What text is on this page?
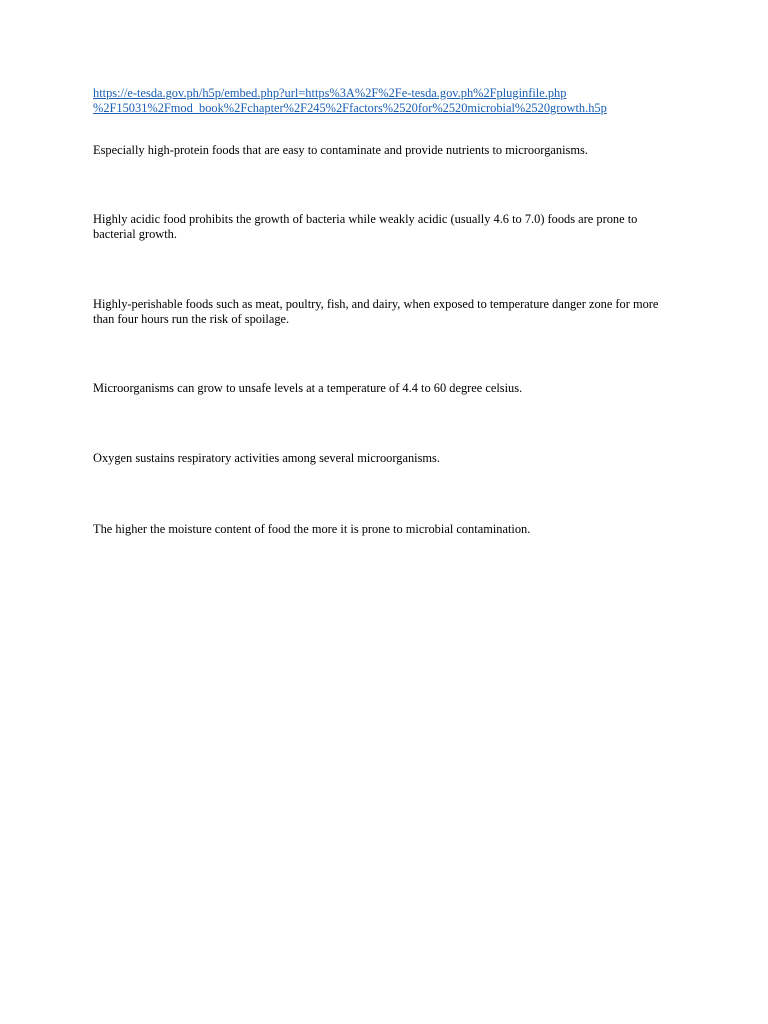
https://e-tesda.gov.ph/h5p/embed.php?url=https%3A%2F%2Fe-tesda.gov.ph%2Fpluginfile.php
%2F15031%2Fmod_book%2Fchapter%2F245%2Ffactors%2520for%2520microbial%2520growth.h5p

Especially high-protein foods that are easy to contaminate and provide nutrients to microorganisms.

Highly acidic food prohibits the growth of bacteria while weakly acidic (usually 4.6 to 7.0) foods are prone to bacterial growth.

Highly-perishable foods such as meat, poultry, fish, and dairy, when exposed to temperature danger zone for more than four hours run the risk of spoilage.

Microorganisms can grow to unsafe levels at a temperature of 4.4 to 60 degree celsius.

Oxygen sustains respiratory activities among several microorganisms.

The higher the moisture content of food the more it is prone to microbial contamination.
